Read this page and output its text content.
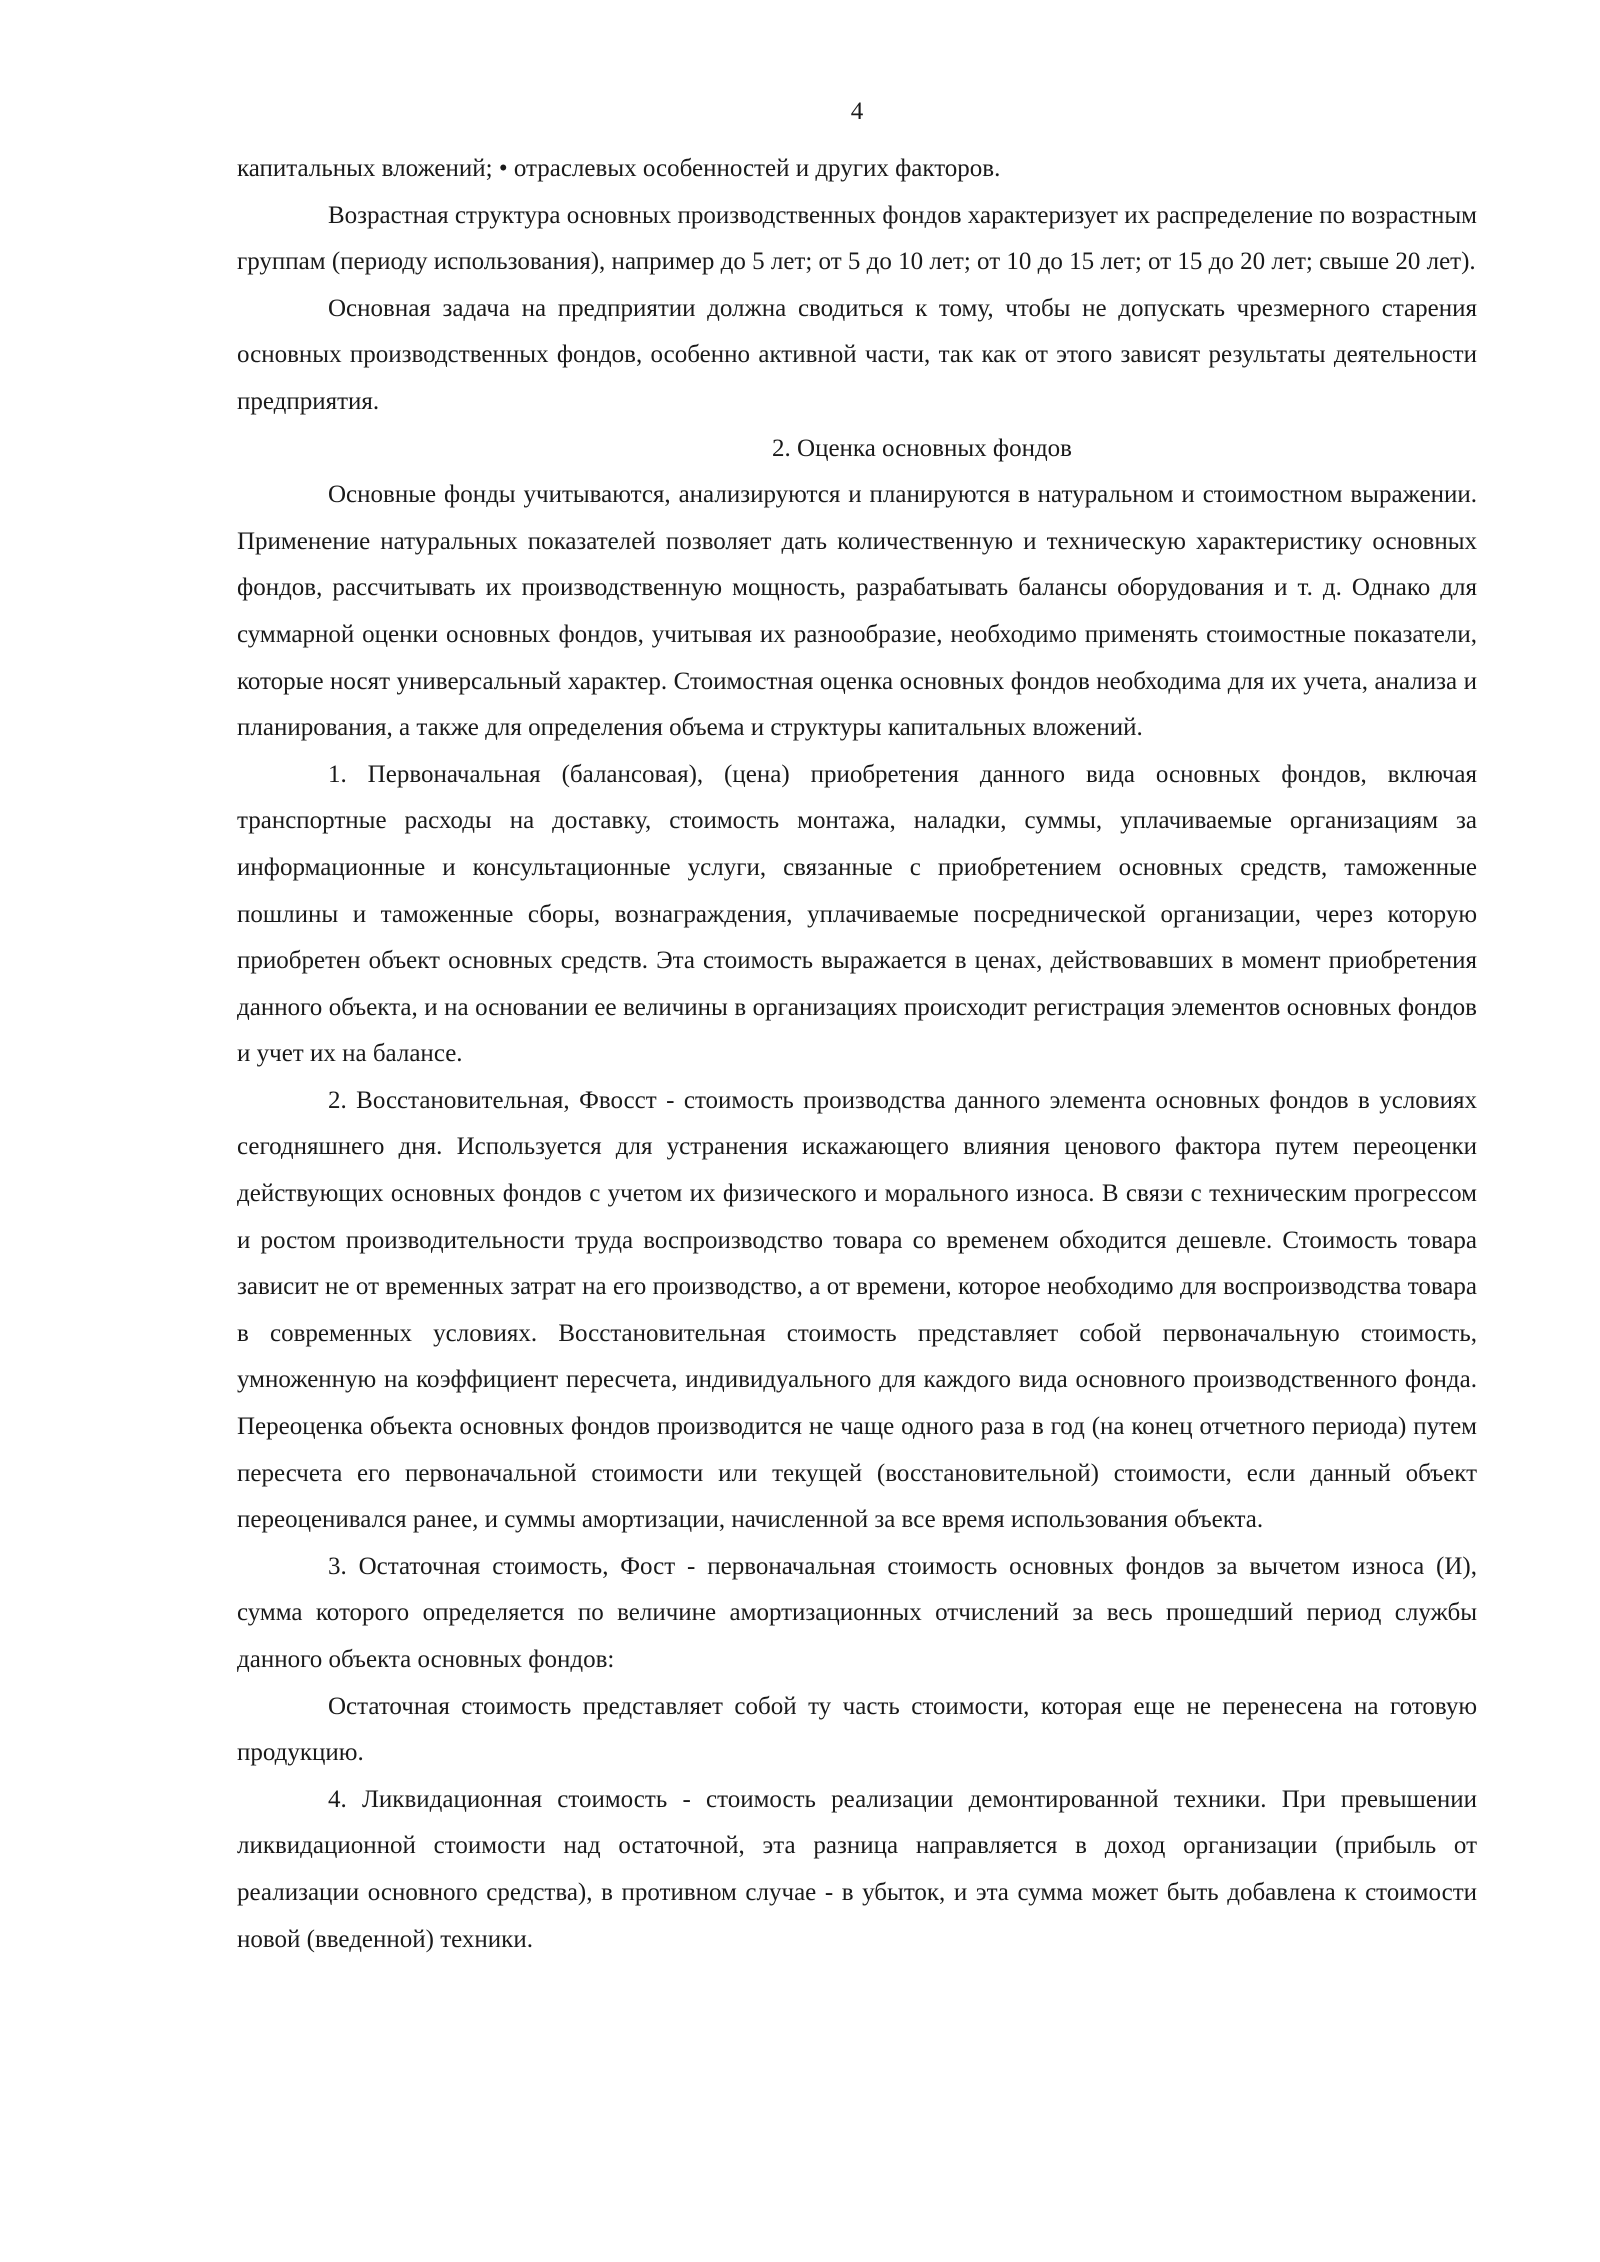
4

капитальных вложений; • отраслевых особенностей и других факторов.

Возрастная структура основных производственных фондов характеризует их распределение по возрастным группам (периоду использования), например до 5 лет; от 5 до 10 лет; от 10 до 15 лет; от 15 до 20 лет; свыше 20 лет).

Основная задача на предприятии должна сводиться к тому, чтобы не допускать чрезмерного старения основных производственных фондов, особенно активной части, так как от этого зависят результаты деятельности предприятия.

2. Оценка основных фондов

Основные фонды учитываются, анализируются и планируются в натуральном и стоимостном выражении. Применение натуральных показателей позволяет дать количественную и техническую характеристику основных фондов, рассчитывать их производственную мощность, разрабатывать балансы оборудования и т. д. Однако для суммарной оценки основных фондов, учитывая их разнообразие, необходимо применять стоимостные показатели, которые носят универсальный характер. Стоимостная оценка основных фондов необходима для их учета, анализа и планирования, а также для определения объема и структуры капитальных вложений.

1. Первоначальная (балансовая), (цена) приобретения данного вида основных фондов, включая транспортные расходы на доставку, стоимость монтажа, наладки, суммы, уплачиваемые организациям за информационные и консультационные услуги, связанные с приобретением основных средств, таможенные пошлины и таможенные сборы, вознаграждения, уплачиваемые посреднической организации, через которую приобретен объект основных средств. Эта стоимость выражается в ценах, действовавших в момент приобретения данного объекта, и на основании ее величины в организациях происходит регистрация элементов основных фондов и учет их на балансе.

2. Восстановительная, Фвосст - стоимость производства данного элемента основных фондов в условиях сегодняшнего дня. Используется для устранения искажающего влияния ценового фактора путем переоценки действующих основных фондов с учетом их физического и морального износа. В связи с техническим прогрессом и ростом производительности труда воспроизводство товара со временем обходится дешевле. Стоимость товара зависит не от временных затрат на его производство, а от времени, которое необходимо для воспроизводства товара в современных условиях. Восстановительная стоимость представляет собой первоначальную стоимость, умноженную на коэффициент пересчета, индивидуального для каждого вида основного производственного фонда. Переоценка объекта основных фондов производится не чаще одного раза в год (на конец отчетного периода) путем пересчета его первоначальной стоимости или текущей (восстановительной) стоимости, если данный объект переоценивался ранее, и суммы амортизации, начисленной за все время использования объекта.

3. Остаточная стоимость, Фост - первоначальная стоимость основных фондов за вычетом износа (И), сумма которого определяется по величине амортизационных отчислений за весь прошедший период службы данного объекта основных фондов:

Остаточная стоимость представляет собой ту часть стоимости, которая еще не перенесена на готовую продукцию.

4. Ликвидационная стоимость - стоимость реализации демонтированной техники. При превышении ликвидационной стоимости над остаточной, эта разница направляется в доход организации (прибыль от реализации основного средства), в противном случае - в убыток, и эта сумма может быть добавлена к стоимости новой (введенной) техники.
